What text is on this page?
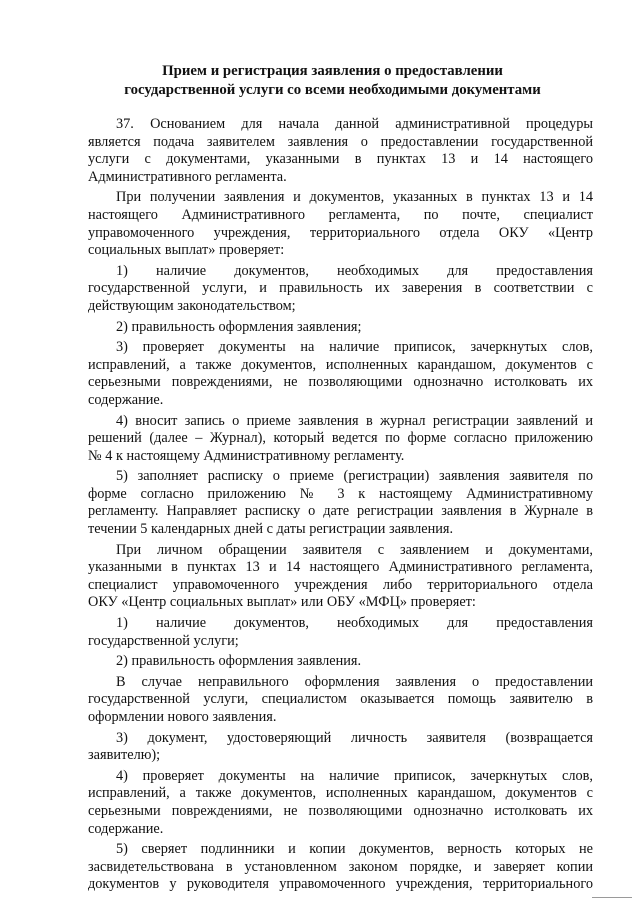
Прием и регистрация заявления о предоставлении
государственной услуги со всеми необходимыми документами
37. Основанием для начала данной административной процедуры
является подача заявителем заявления о предоставлении государственной
услуги с документами, указанными в пунктах 13 и 14 настоящего
Административного регламента.
При получении заявления и документов, указанных в пунктах 13 и 14
настоящего Административного регламента, по почте, специалист
управомоченного учреждения, территориального отдела ОКУ «Центр
социальных выплат» проверяет:
1) наличие документов, необходимых для предоставления
государственной услуги, и правильность их заверения в соответствии с
действующим законодательством;
2) правильность оформления заявления;
3) проверяет документы на наличие приписок, зачеркнутых слов,
исправлений, а также документов, исполненных карандашом, документов с
серьезными повреждениями, не позволяющими однозначно истолковать их
содержание.
4) вносит запись о приеме заявления в журнал регистрации заявлений и
решений (далее – Журнал), который ведется по форме согласно приложению
№ 4 к настоящему Административному регламенту.
5) заполняет расписку о приеме (регистрации) заявления заявителя по
форме согласно приложению № 3 к настоящему Административному
регламенту. Направляет расписку о дате регистрации заявления в Журнале в
течении 5 календарных дней с даты регистрации заявления.
При личном обращении заявителя с заявлением и документами,
указанными в пунктах 13 и 14 настоящего Административного регламента,
специалист управомоченного учреждения либо территориального отдела
ОКУ «Центр социальных выплат» или ОБУ «МФЦ» проверяет:
1) наличие документов, необходимых для предоставления
государственной услуги;
2) правильность оформления заявления.
В случае неправильного оформления заявления о предоставлении
государственной услуги, специалистом оказывается помощь заявителю в
оформлении нового заявления.
3) документ, удостоверяющий личность заявителя (возвращается
заявителю);
4) проверяет документы на наличие приписок, зачеркнутых слов,
исправлений, а также документов, исполненных карандашом, документов с
серьезными повреждениями, не позволяющими однозначно истолковать их
содержание.
5) сверяет подлинники и копии документов, верность которых не
засвидетельствована в установленном законом порядке, и заверяет копии
документов у руководителя управомоченного учреждения, территориального
